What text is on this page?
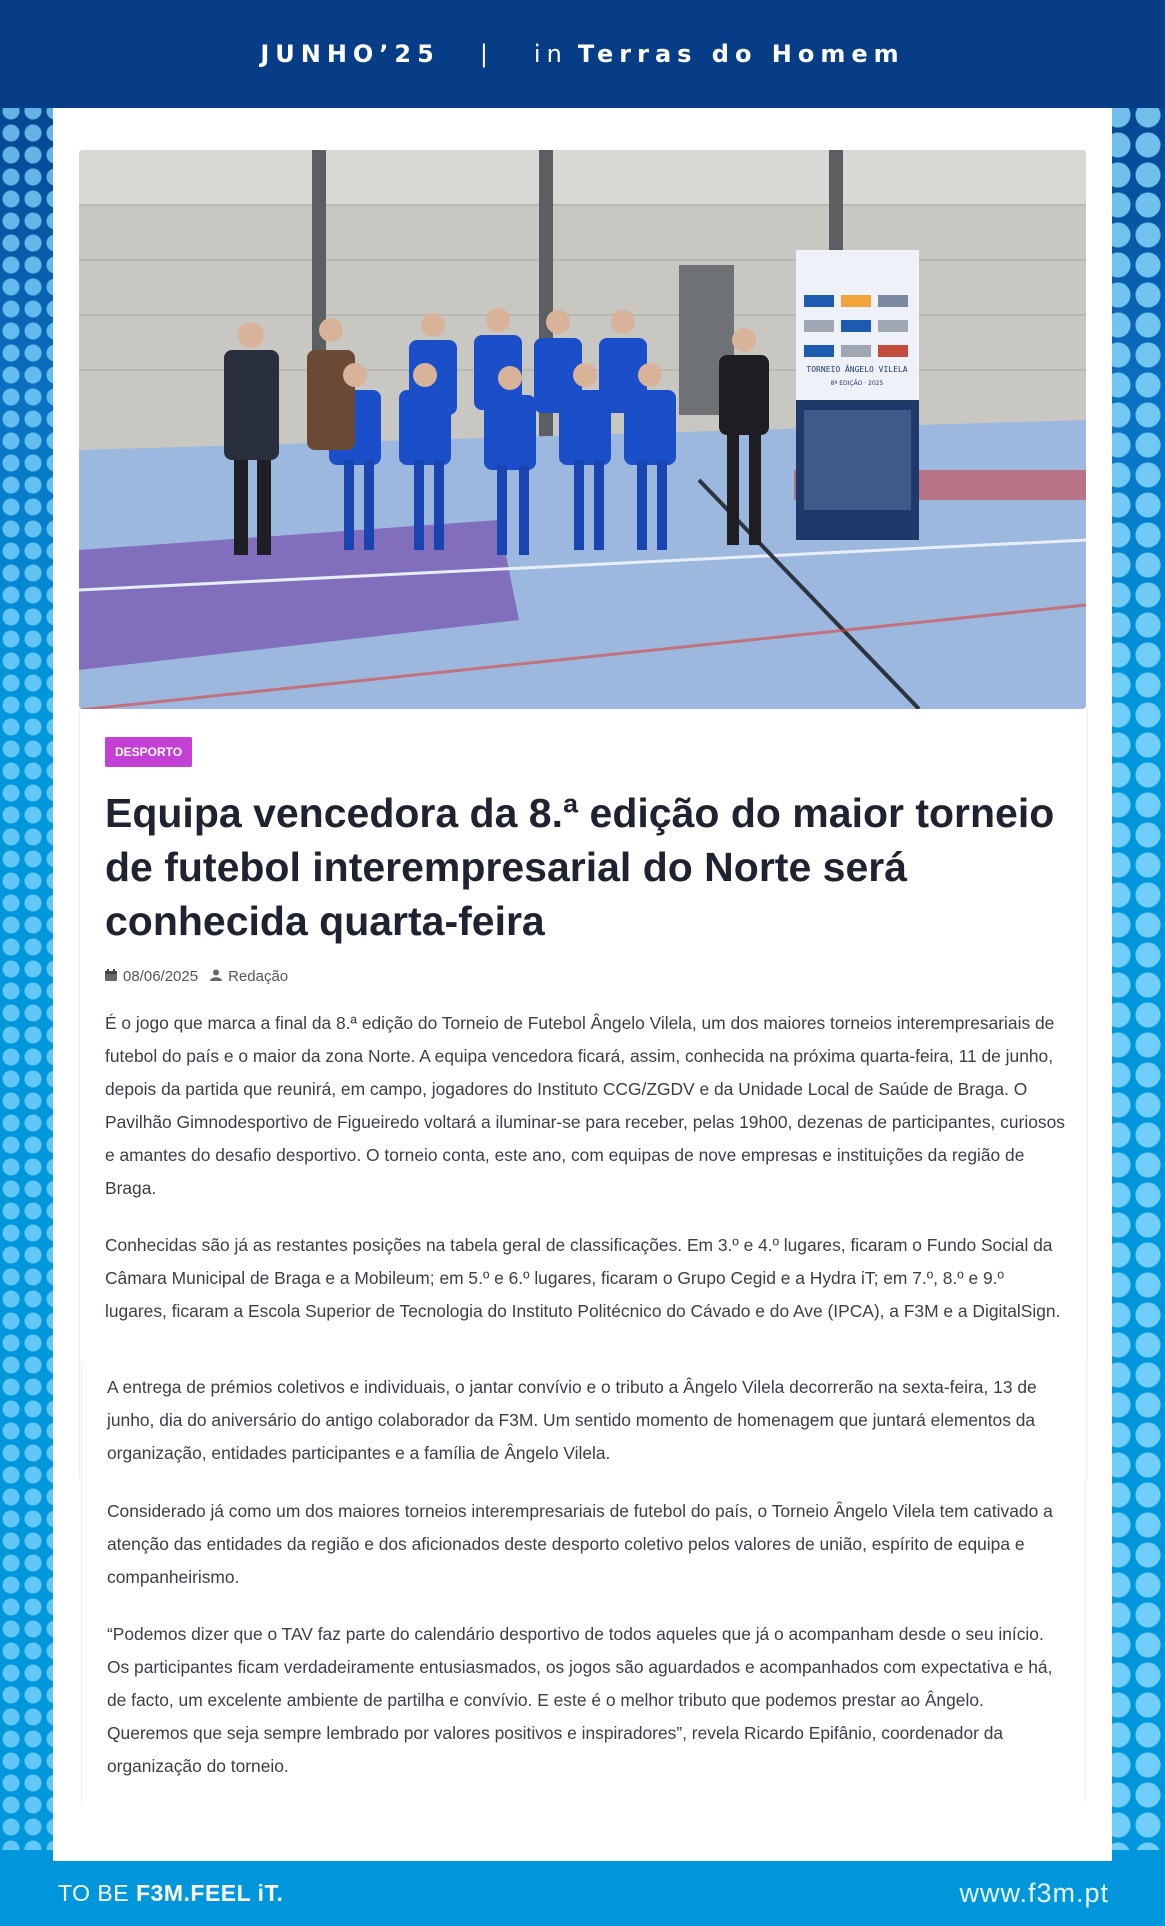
JUNHO’25 | in Terras do Homem
TORNEIO ÂNGELO VILELA
8ª EDIÇÃO · 2025
DESPORTO
Equipa vencedora da 8.ª edição do maior torneio de futebol interempresarial do Norte será conhecida quarta-feira
08/06/2025 Redação

É o jogo que marca a final da 8.ª edição do Torneio de Futebol Ângelo Vilela, um dos maiores torneios interempresariais de futebol do país e o maior da zona Norte. A equipa vencedora ficará, assim, conhecida na próxima quarta-feira, 11 de junho, depois da partida que reunirá, em campo, jogadores do Instituto CCG/ZGDV e da Unidade Local de Saúde de Braga. O Pavilhão Gimnodesportivo de Figueiredo voltará a iluminar-se para receber, pelas 19h00, dezenas de participantes, curiosos e amantes do desafio desportivo. O torneio conta, este ano, com equipas de nove empresas e instituições da região de Braga.

Conhecidas são já as restantes posições na tabela geral de classificações. Em 3.º e 4.º lugares, ficaram o Fundo Social da Câmara Municipal de Braga e a Mobileum; em 5.º e 6.º lugares, ficaram o Grupo Cegid e a Hydra iT; em 7.º, 8.º e 9.º lugares, ficaram a Escola Superior de Tecnologia do Instituto Politécnico do Cávado e do Ave (IPCA), a F3M e a DigitalSign.

A entrega de prémios coletivos e individuais, o jantar convívio e o tributo a Ângelo Vilela decorrerão na sexta-feira, 13 de junho, dia do aniversário do antigo colaborador da F3M. Um sentido momento de homenagem que juntará elementos da organização, entidades participantes e a família de Ângelo Vilela.

Considerado já como um dos maiores torneios interempresariais de futebol do país, o Torneio Ângelo Vilela tem cativado a atenção das entidades da região e dos aficionados deste desporto coletivo pelos valores de união, espírito de equipa e companheirismo.

“Podemos dizer que o TAV faz parte do calendário desportivo de todos aqueles que já o acompanham desde o seu início. Os participantes ficam verdadeiramente entusiasmados, os jogos são aguardados e acompanhados com expectativa e há, de facto, um excelente ambiente de partilha e convívio. E este é o melhor tributo que podemos prestar ao Ângelo. Queremos que seja sempre lembrado por valores positivos e inspiradores”, revela Ricardo Epifânio, coordenador da organização do torneio.

TO BE F3M.FEEL iT.	www.f3m.pt
